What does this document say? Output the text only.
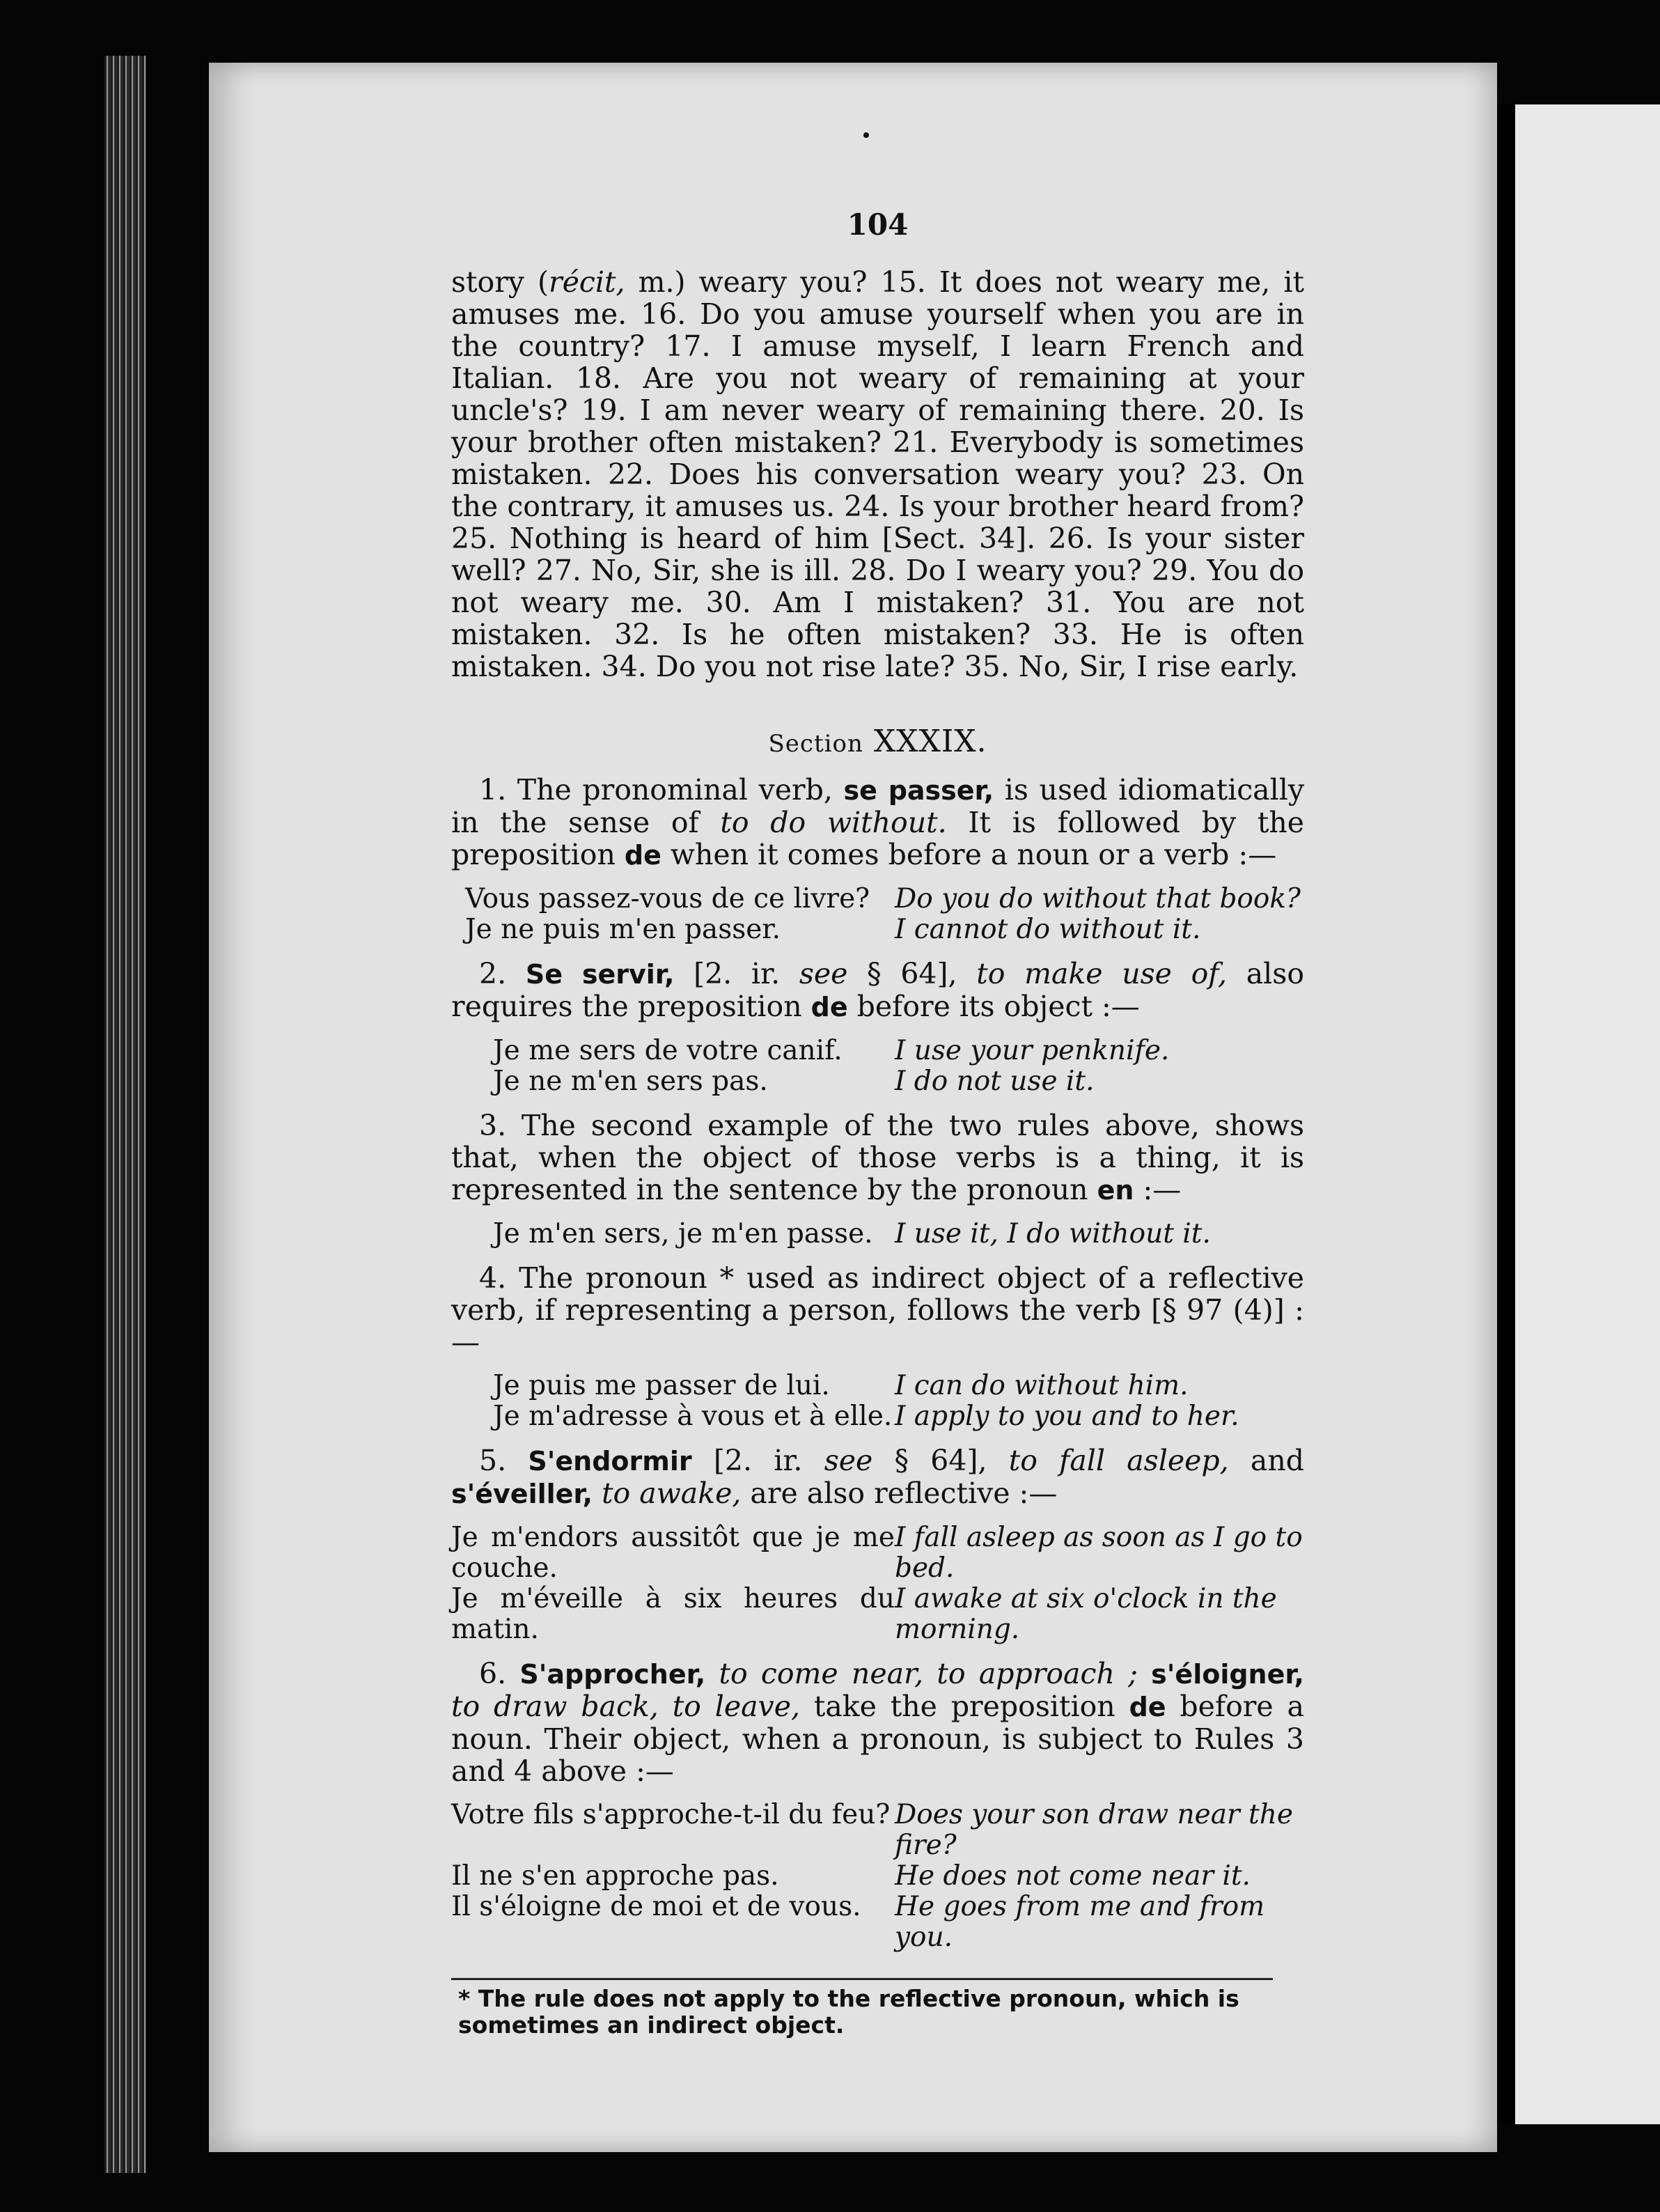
104

story (récit, m.) weary you? 15. It does not weary me, it amuses me. 16. Do you amuse yourself when you are in the country? 17. I amuse myself, I learn French and Italian. 18. Are you not weary of remaining at your uncle's? 19. I am never weary of remaining there. 20. Is your brother often mistaken? 21. Everybody is sometimes mistaken. 22. Does his conversation weary you? 23. On the contrary, it amuses us. 24. Is your brother heard from? 25. Nothing is heard of him [Sect. 34]. 26. Is your sister well? 27. No, Sir, she is ill. 28. Do I weary you? 29. You do not weary me. 30. Am I mistaken? 31. You are not mistaken. 32. Is he often mistaken? 33. He is often mistaken. 34. Do you not rise late? 35. No, Sir, I rise early.

Section XXXIX.

1. The pronominal verb, se passer, is used idiomatically in the sense of to do without. It is followed by the preposition de when it comes before a noun or a verb :—

Vous passez-vous de ce livre?	Do you do without that book?
Je ne puis m'en passer.	I cannot do without it.

2. Se servir, [2. ir. see § 64], to make use of, also requires the preposition de before its object :—

Je me sers de votre canif.	I use your penknife.
Je ne m'en sers pas.	I do not use it.

3. The second example of the two rules above, shows that, when the object of those verbs is a thing, it is represented in the sentence by the pronoun en :—

Je m'en sers, je m'en passe.	I use it, I do without it.

4. The pronoun * used as indirect object of a reflective verb, if representing a person, follows the verb [§ 97 (4)] :—

Je puis me passer de lui.	I can do without him.
Je m'adresse à vous et à elle.	I apply to you and to her.

5. S'endormir [2. ir. see § 64], to fall asleep, and s'éveiller, to awake, are also reflective :—

Je m'endors aussitôt que je me couche.	I fall asleep as soon as I go to bed.
Je m'éveille à six heures du matin.	I awake at six o'clock in the morning.

6. S'approcher, to come near, to approach ; s'éloigner, to draw back, to leave, take the preposition de before a noun. Their object, when a pronoun, is subject to Rules 3 and 4 above :—

Votre fils s'approche-t-il du feu?	Does your son draw near the fire?
Il ne s'en approche pas.	He does not come near it.
Il s'éloigne de moi et de vous.	He goes from me and from you.

* The rule does not apply to the reflective pronoun, which is sometimes an indirect object.
